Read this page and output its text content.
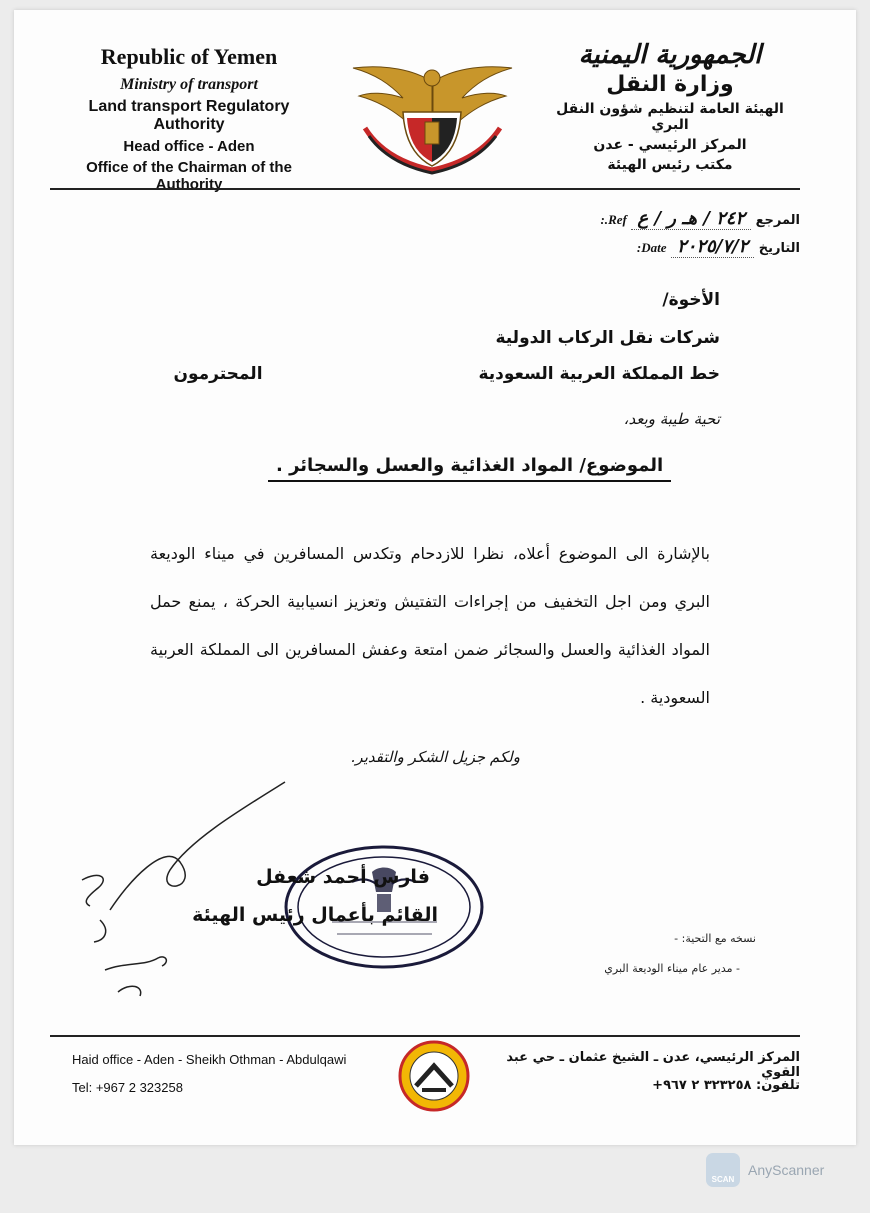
Republic of Yemen
Ministry of transport
Land transport Regulatory Authority
Head office - Aden
Office of the Chairman of the Authority
الجمهورية اليمنية
وزارة النقل
الهيئة العامة لتنظيم شؤون النقل البري
المركز الرئيسي - عدن
مكتب رئيس الهيئة
المرجع ٢٤٢ / هـ ر / ع Ref.:
التاريخ ٢٠٢٥/٧/٢ Date:
الأخوة/
شركات نقل الركاب الدولية
خط المملكة العربية السعودية
المحترمون
تحية طيبة وبعد،
الموضوع/ المواد الغذائية والعسل والسجائر .
بالإشارة الى الموضوع أعلاه، نظرا للازدحام وتكدس المسافرين في ميناء الوديعة البري ومن اجل التخفيف من إجراءات التفتيش وتعزيز انسيابية الحركة ، يمنع حمل المواد الغذائية والعسل والسجائر ضمن امتعة وعفش المسافرين الى المملكة العربية السعودية .
ولكم جزيل الشكر والتقدير.
فارس أحمد شعفل
القائم بأعمال رئيس الهيئة
نسخه مع التحية: -
- مدير عام ميناء الوديعة البري
Haid office - Aden - Sheikh Othman - Abdulqawi
Tel: +967 2 323258
المركز الرئيسي، عدن ـ الشيخ عثمان ـ حي عبد القوي
تلفون: ٣٢٣٢٥٨ ٢ ٩٦٧+
SCAN
AnyScanner
